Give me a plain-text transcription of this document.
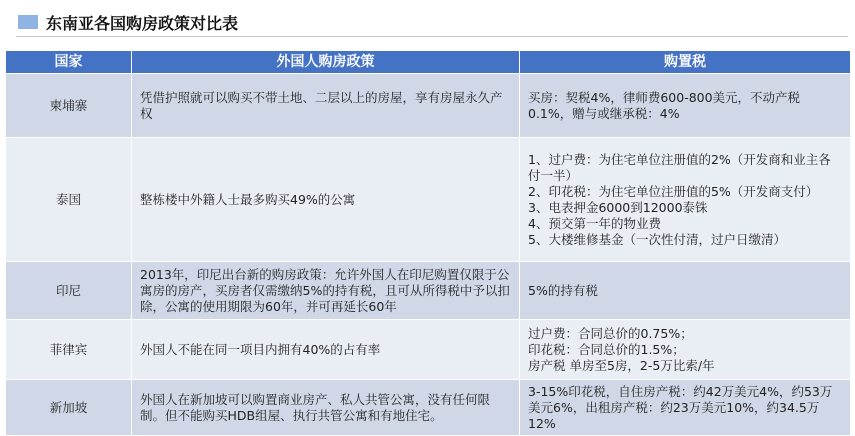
东南亚各国购房政策对比表
国家	外国人购房政策	购置税
柬埔寨	凭借护照就可以购买不带土地、二层以上的房屋，享有房屋永久产权	买房：契税4%，律师费600-800美元，不动产税0.1%，赠与或继承税：4%

泰国	整栋楼中外籍人士最多购买49%的公寓	1、过户费：为住宅单位注册值的2%（开发商和业主各付一半）
2、印花税：为住宅单位注册值的5%（开发商支付）
3、电表押金6000到12000泰铢
4、预交第一年的物业费
5、大楼维修基金（一次性付清，过户日缴清）

印尼	2013年，印尼出台新的购房政策：允许外国人在印尼购置仅限于公寓房的房产，买房者仅需缴纳5%的持有税，且可从所得税中予以扣除，公寓的使用期限为60年，并可再延长60年	5%的持有税

菲律宾	外国人不能在同一项目内拥有40%的占有率	过户费：合同总价的0.75%；
印花税：合同总价的1.5%；
房产税 单房至5房，2-5万比索/年

新加坡	外国人在新加坡可以购置商业房产、私人共管公寓，没有任何限制。但不能购买HDB组屋、执行共管公寓和有地住宅。	3-15%印花税，自住房产税：约42万美元4%，约53万美元6%，出租房产税：约23万美元10%，约34.5万12%
